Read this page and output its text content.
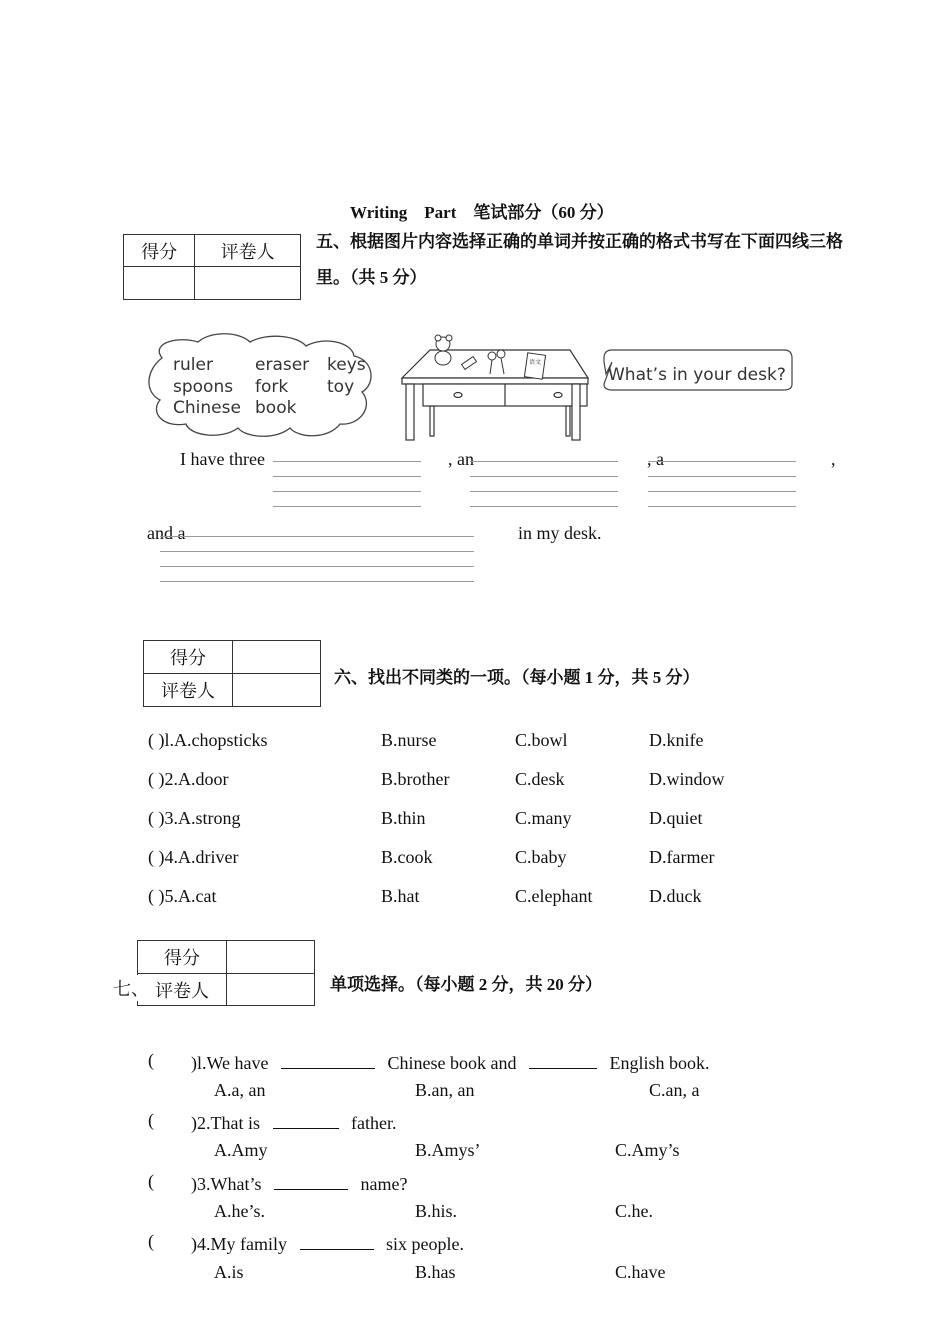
Writing    Part    笔试部分（60 分）
得分	评卷人
	五、根据图片内容选择正确的单词并按正确的格式书写在下面四线三格里。（共 5 分）
ruler eraser keys
spoons fork toy
Chinese book
语文
What’s in your desk?
I have three	, an	, a	,
and a	in my desk.
得分	
评卷人	
六、找出不同类的一项。（每小题 1 分，共 5 分）
( )l.A.chopsticks	B.nurse	C.bowl	D.knife
( )2.A.door	B.brother	C.desk	D.window
( )3.A.strong	B.thin	C.many	D.quiet
( )4.A.driver	B.cook	C.baby	D.farmer
( )5.A.cat	B.hat	C.elephant	D.duck
得分	
评卷人	
七、	单项选择。（每小题 2 分，共 20 分）
( )l.We have	Chinese book and	English book.
A.a, an	B.an, an	C.an, a
( )2.That is	father.
A.Amy	B.Amys’	C.Amy’s
( )3.What’s	name?
A.he’s.	B.his.	C.he.
( )4.My family	six people.
A.is	B.has	C.have
